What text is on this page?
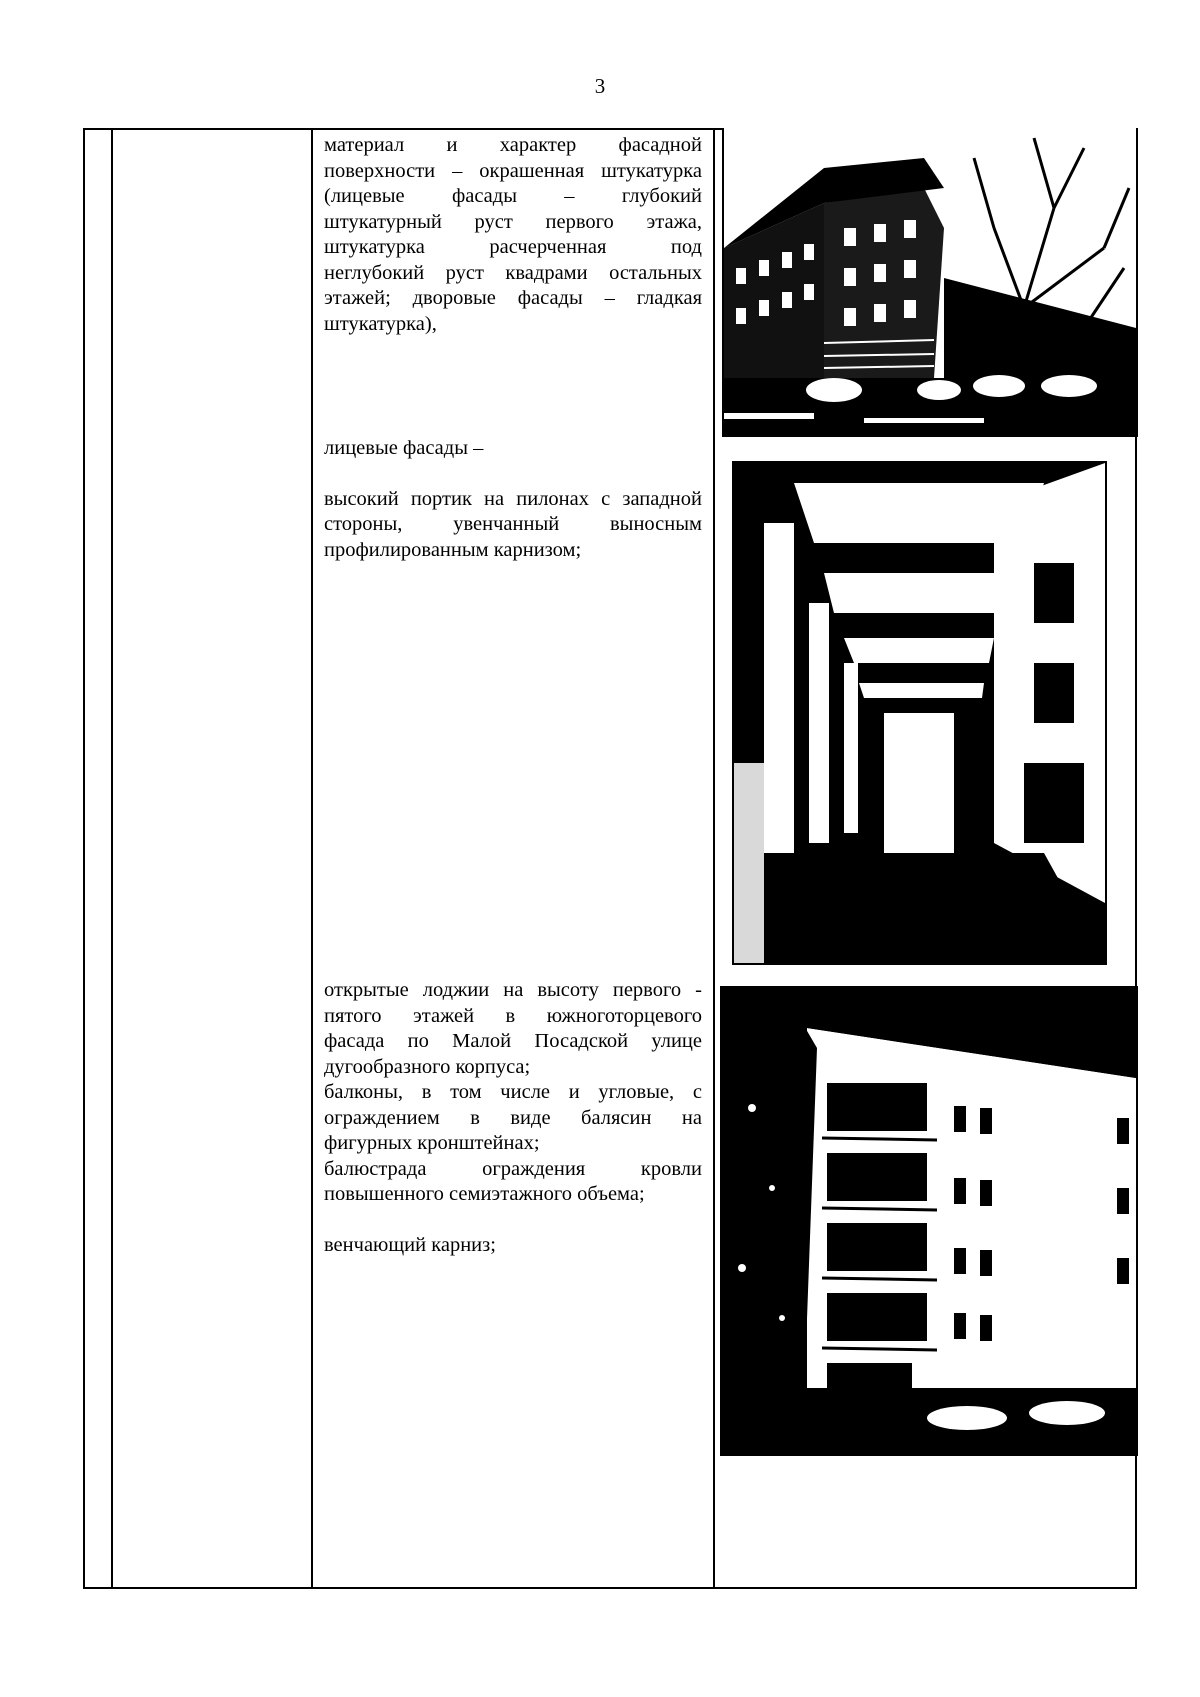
3
материал и характер фасадной
поверхности – окрашенная штукатурка
(лицевые фасады – глубокий
штукатурный руст первого этажа,
штукатурка расчерченная под
неглубокий руст квадрами остальных
этажей; дворовые фасады – гладкая
штукатурка),
лицевые фасады –
высокий портик на пилонах с западной
стороны, увенчанный выносным
профилированным карнизом;
открытые лоджии на высоту первого -
пятого этажей в южноготорцевого
фасада по Малой Посадской улице
дугообразного корпуса;
балконы, в том числе и угловые, с
ограждением в виде балясин на
фигурных кронштейнах;
балюстрада ограждения кровли
повышенного семиэтажного объема;
венчающий карниз;
